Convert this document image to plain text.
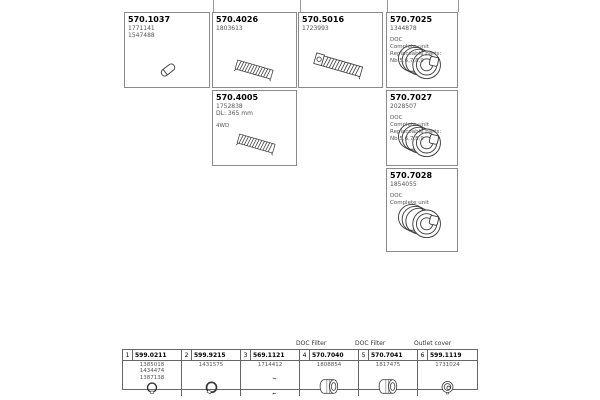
570.1037
1771141
1547488
570.4026
1803613
570.5016
1723993
570.7025
1344878
DOC
Complete unit
Replaceable parts:
Nb 5,6,7,8,9
570.4005
1752838
DL: 365 mm
4WD
570.7027
2028507
DOC
Complete unit
Replaceable parts:
Nb 5,6,7,8,9
570.7028
1854055
DOC
Complete unit
DOC Filter	DOC Filter	Outlet cover
1 599.0211
1385018
1434474
1387138
2 599.9215
1431575
3 569.1121
1714412
4 570.7040
1808854
5 570.7041
1817475
6 599.1119
1731024
